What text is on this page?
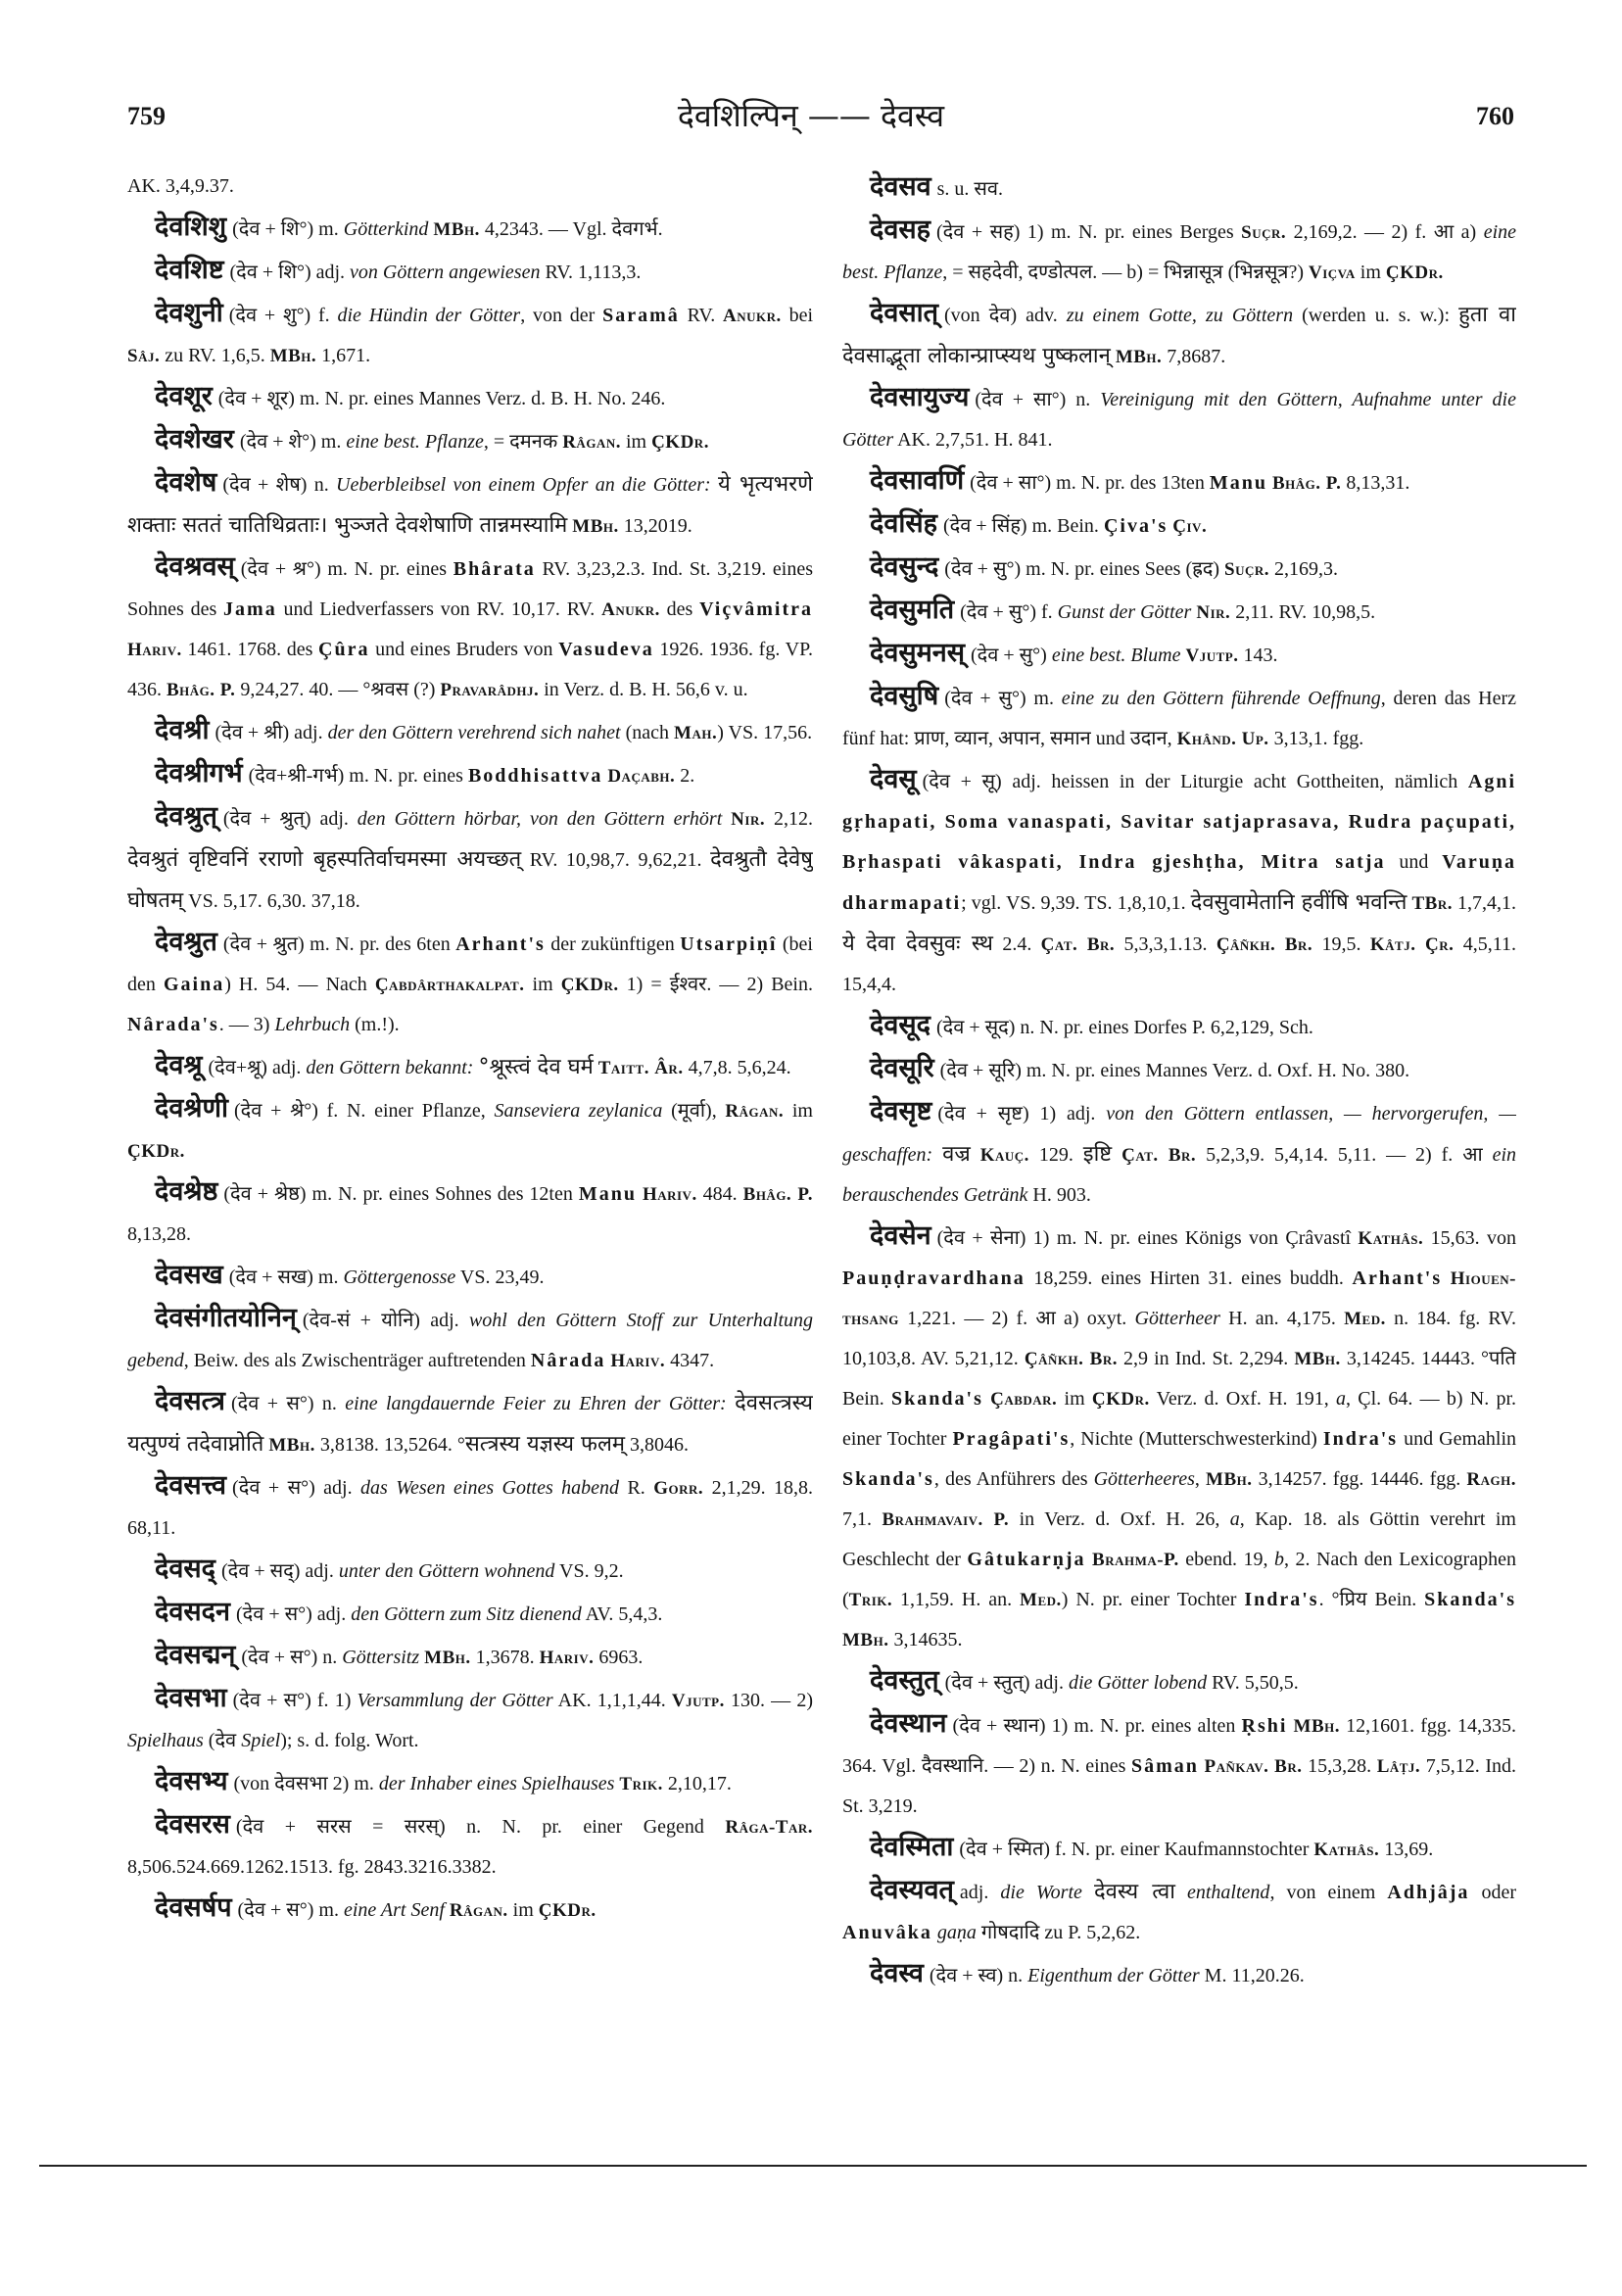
759	देवशिल्पिन् —— देवस्व	760

AK. 3,4,9.37.

देवशिशु (देव + शि°) m. Götterkind MBh. 4,2343. — Vgl. देवगर्भ.

देवशिष्ट (देव + शि°) adj. von Göttern angewiesen RV. 1,113,3.

देवशुनी (देव + शु°) f. die Hündin der Götter, von der Saramâ RV. Anukr. bei Sâj. zu RV. 1,6,5. MBh. 1,671.

देवशूर (देव + शूर) m. N. pr. eines Mannes Verz. d. B. H. No. 246.

देवशेखर (देव + शे°) m. eine best. Pflanze, = दमनक Râgan. im ÇKDr.

देवशेष (देव + शेष) n. Ueberbleibsel von einem Opfer an die Götter: ये भृत्यभरणे शक्ताः सततं चातिथिव्रताः। भुञ्जते देवशेषाणि तान्नमस्यामि MBh. 13,2019.

देवश्रवस् (देव + श्र°) m. N. pr. eines Bhârata RV. 3,23,2.3. Ind. St. 3,219. eines Sohnes des Jama und Liedverfassers von RV. 10,17. RV. Anukr. des Viçvâmitra Hariv. 1461. 1768. des Çûra und eines Bruders von Vasudeva 1926. 1936. fg. VP. 436. Bhâg. P. 9,24,27. 40. — °श्रवस (?) Pravarâdhj. in Verz. d. B. H. 56,6 v. u.

देवश्री (देव + श्री) adj. der den Göttern verehrend sich nahet (nach Mah.) VS. 17,56.

देवश्रीगर्भ (देव+श्री-गर्भ) m. N. pr. eines Boddhisattva Daçabh. 2.

देवश्रुत् (देव + श्रुत्) adj. den Göttern hörbar, von den Göttern erhört Nir. 2,12. देवश्रुतं वृष्टिवनिं रराणो बृहस्पतिर्वाचमस्मा अयच्छत् RV. 10,98,7. 9,62,21. देवश्रुतौ देवेषु घोषतम् VS. 5,17. 6,30. 37,18.

देवश्रुत (देव + श्रुत) m. N. pr. des 6ten Arhant's der zukünftigen Utsarpiṇî (bei den Gaina) H. 54. — Nach Çabdârthakalpat. im ÇKDr. 1) = ईश्वर. — 2) Bein. Nârada's. — 3) Lehrbuch (m.!).

देवश्रू (देव+श्रू) adj. den Göttern bekannt: °श्रूस्त्वं देव घर्म Taitt. Âr. 4,7,8. 5,6,24.

देवश्रेणी (देव + श्रे°) f. N. einer Pflanze, Sanseviera zeylanica (मूर्वा), Râgan. im ÇKDr.

देवश्रेष्ठ (देव + श्रेष्ठ) m. N. pr. eines Sohnes des 12ten Manu Hariv. 484. Bhâg. P. 8,13,28.

देवसख (देव + सख) m. Göttergenosse VS. 23,49.

देवसंगीतयोनिन् (देव-सं + योनि) adj. wohl den Göttern Stoff zur Unterhaltung gebend, Beiw. des als Zwischenträger auftretenden Nârada Hariv. 4347.

देवसत्त्र (देव + स°) n. eine langdauernde Feier zu Ehren der Götter: देवसत्त्रस्य यत्पुण्यं तदेवाप्नोति MBh. 3,8138. 13,5264. °सत्त्रस्य यज्ञस्य फलम् 3,8046.

देवसत्त्व (देव + स°) adj. das Wesen eines Gottes habend R. Gorr. 2,1,29. 18,8. 68,11.

देवसद् (देव + सद्) adj. unter den Göttern wohnend VS. 9,2.

देवसदन (देव + स°) adj. den Göttern zum Sitz dienend AV. 5,4,3.

देवसद्मन् (देव + स°) n. Göttersitz MBh. 1,3678. Hariv. 6963.

देवसभा (देव + स°) f. 1) Versammlung der Götter AK. 1,1,1,44. Vjutp. 130. — 2) Spielhaus (देव Spiel); s. d. folg. Wort.

देवसभ्य (von देवसभा 2) m. der Inhaber eines Spielhauses Trik. 2,10,17.

देवसरस (देव + सरस = सरस्) n. N. pr. einer Gegend Râga-Tar. 8,506.524.669.1262.1513. fg. 2843.3216.3382.

देवसर्षप (देव + स°) m. eine Art Senf Râgan. im ÇKDr.

देवसव s. u. सव.

देवसह (देव + सह) 1) m. N. pr. eines Berges Suçr. 2,169,2. — 2) f. आ a) eine best. Pflanze, = सहदेवी, दण्डोत्पल. — b) = भिन्नासूत्र (भिन्नसूत्र?) Viçva im ÇKDr.

देवसात् (von देव) adv. zu einem Gotte, zu Göttern (werden u. s. w.): हुता वा देवसाद्भूता लोकान्प्राप्स्यथ पुष्कलान् MBh. 7,8687.

देवसायुज्य (देव + सा°) n. Vereinigung mit den Göttern, Aufnahme unter die Götter AK. 2,7,51. H. 841.

देवसावर्णि (देव + सा°) m. N. pr. des 13ten Manu Bhâg. P. 8,13,31.

देवसिंह (देव + सिंह) m. Bein. Çiva's Çiv.

देवसुन्द (देव + सु°) m. N. pr. eines Sees (ह्रद) Suçr. 2,169,3.

देवसुमति (देव + सु°) f. Gunst der Götter Nir. 2,11. RV. 10,98,5.

देवसुमनस् (देव + सु°) eine best. Blume Vjutp. 143.

देवसुषि (देव + सु°) m. eine zu den Göttern führende Oeffnung, deren das Herz fünf hat: प्राण, व्यान, अपान, समान und उदान, Khând. Up. 3,13,1. fgg.

देवसू (देव + सू) adj. heissen in der Liturgie acht Gottheiten, nämlich Agni gṛhapati, Soma vanaspati, Savitar satjaprasava, Rudra paçupati, Bṛhaspati vâkaspati, Indra gjeshṭha, Mitra satja und Varuṇa dharmapati; vgl. VS. 9,39. TS. 1,8,10,1. देवसुवामेतानि हवींषि भवन्ति TBr. 1,7,4,1. ये देवा देवसुवः स्थ 2.4. Çat. Br. 5,3,3,1.13. Çâñkh. Br. 19,5. Kâtj. Çr. 4,5,11. 15,4,4.

देवसूद (देव + सूद) n. N. pr. eines Dorfes P. 6,2,129, Sch.

देवसूरि (देव + सूरि) m. N. pr. eines Mannes Verz. d. Oxf. H. No. 380.

देवसृष्ट (देव + सृष्ट) 1) adj. von den Göttern entlassen, — hervorgerufen, — geschaffen: वज्र Kauç. 129. इष्टि Çat. Br. 5,2,3,9. 5,4,14. 5,11. — 2) f. आ ein berauschendes Getränk H. 903.

देवसेन (देव + सेना) 1) m. N. pr. eines Königs von Çrâvastî Kathâs. 15,63. von Pauṇḍravardhana 18,259. eines Hirten 31. eines buddh. Arhant's Hiouen-thsang 1,221. — 2) f. आ a) oxyt. Götterheer H. an. 4,175. Med. n. 184. fg. RV. 10,103,8. AV. 5,21,12. Çâñkh. Br. 2,9 in Ind. St. 2,294. MBh. 3,14245. 14443. °पति Bein. Skanda's Çabdar. im ÇKDr. Verz. d. Oxf. H. 191, a, Çl. 64. — b) N. pr. einer Tochter Pragâpati's, Nichte (Mutterschwesterkind) Indra's und Gemahlin Skanda's, des Anführers des Götterheeres, MBh. 3,14257. fgg. 14446. fgg. Ragh. 7,1. Brahmavaiv. P. in Verz. d. Oxf. H. 26, a, Kap. 18. als Göttin verehrt im Geschlecht der Gâtukarṇja Brahma-P. ebend. 19, b, 2. Nach den Lexicographen (Trik. 1,1,59. H. an. Med.) N. pr. einer Tochter Indra's. °प्रिय Bein. Skanda's MBh. 3,14635.

देवस्तुत् (देव + स्तुत्) adj. die Götter lobend RV. 5,50,5.

देवस्थान (देव + स्थान) 1) m. N. pr. eines alten Ṛshi MBh. 12,1601. fgg. 14,335. 364. Vgl. दैवस्थानि. — 2) n. N. eines Sâman Pañkav. Br. 15,3,28. Lâṭj. 7,5,12. Ind. St. 3,219.

देवस्मिता (देव + स्मित) f. N. pr. einer Kaufmannstochter Kathâs. 13,69.

देवस्यवत् adj. die Worte देवस्य त्वा enthaltend, von einem Adhjâja oder Anuvâka gaṇa गोषदादि zu P. 5,2,62.

देवस्व (देव + स्व) n. Eigenthum der Götter M. 11,20.26.
